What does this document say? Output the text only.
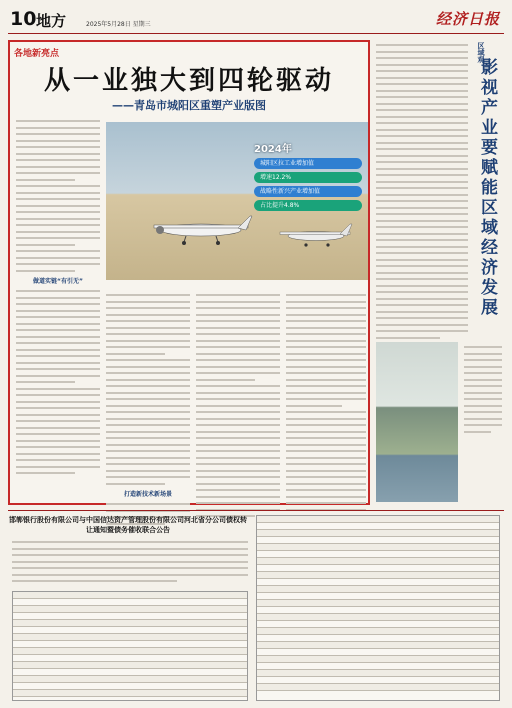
10 地方	2025年5月28日 星期三	经济日报
各地新亮点
从一业独大到四轮驱动
——青岛市城阳区重塑产业版图
做道实链“有引无”
2024年
城阳区拉工业增加值
增速12.2%
战略性新兴产业增加值
占比提升4.8%
打造新技术新场景
区域观
影视产业要赋能区域经济发展
邯郸银行股份有限公司与中国信达资产管理股份有限公司河北省分公司债权转让通知暨债务催收联合公告
